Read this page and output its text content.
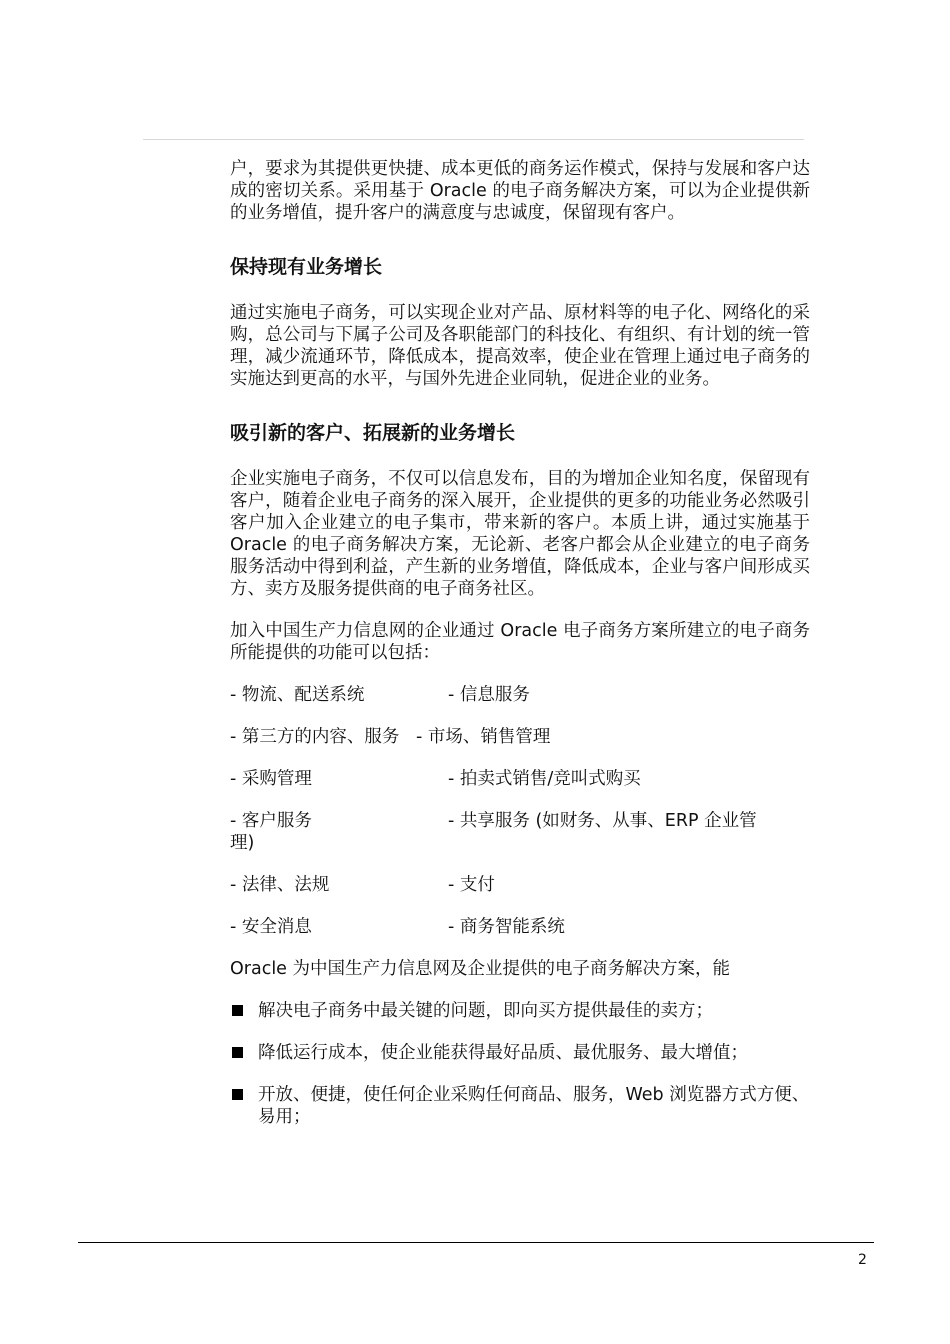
户，要求为其提供更快捷、成本更低的商务运作模式，保持与发展和客户达成的密切关系。采用基于 Oracle 的电子商务解决方案，可以为企业提供新的业务增值，提升客户的满意度与忠诚度，保留现有客户。

保持现有业务增长

通过实施电子商务，可以实现企业对产品、原材料等的电子化、网络化的采购，总公司与下属子公司及各职能部门的科技化、有组织、有计划的统一管理，减少流通环节，降低成本，提高效率，使企业在管理上通过电子商务的实施达到更高的水平，与国外先进企业同轨，促进企业的业务。

吸引新的客户、拓展新的业务增长

企业实施电子商务，不仅可以信息发布，目的为增加企业知名度，保留现有客户，随着企业电子商务的深入展开，企业提供的更多的功能业务必然吸引客户加入企业建立的电子集市，带来新的客户。本质上讲，通过实施基于 Oracle 的电子商务解决方案，无论新、老客户都会从企业建立的电子商务服务活动中得到利益，产生新的业务增值，降低成本，企业与客户间形成买方、卖方及服务提供商的电子商务社区。

加入中国生产力信息网的企业通过 Oracle 电子商务方案所建立的电子商务所能提供的功能可以包括：

- 物流、配送系统	- 信息服务
- 第三方的内容、服务 - 市场、销售管理
- 采购管理	- 拍卖式销售/竞叫式购买
- 客户服务	- 共享服务 (如财务、从事、ERP 企业管
理)
- 法律、法规	- 支付
- 安全消息	- 商务智能系统

Oracle 为中国生产力信息网及企业提供的电子商务解决方案，能

解决电子商务中最关键的问题，即向买方提供最佳的卖方；
降低运行成本，使企业能获得最好品质、最优服务、最大增值；
开放、便捷，使任何企业采购任何商品、服务，Web 浏览器方式方便、易用；
2
